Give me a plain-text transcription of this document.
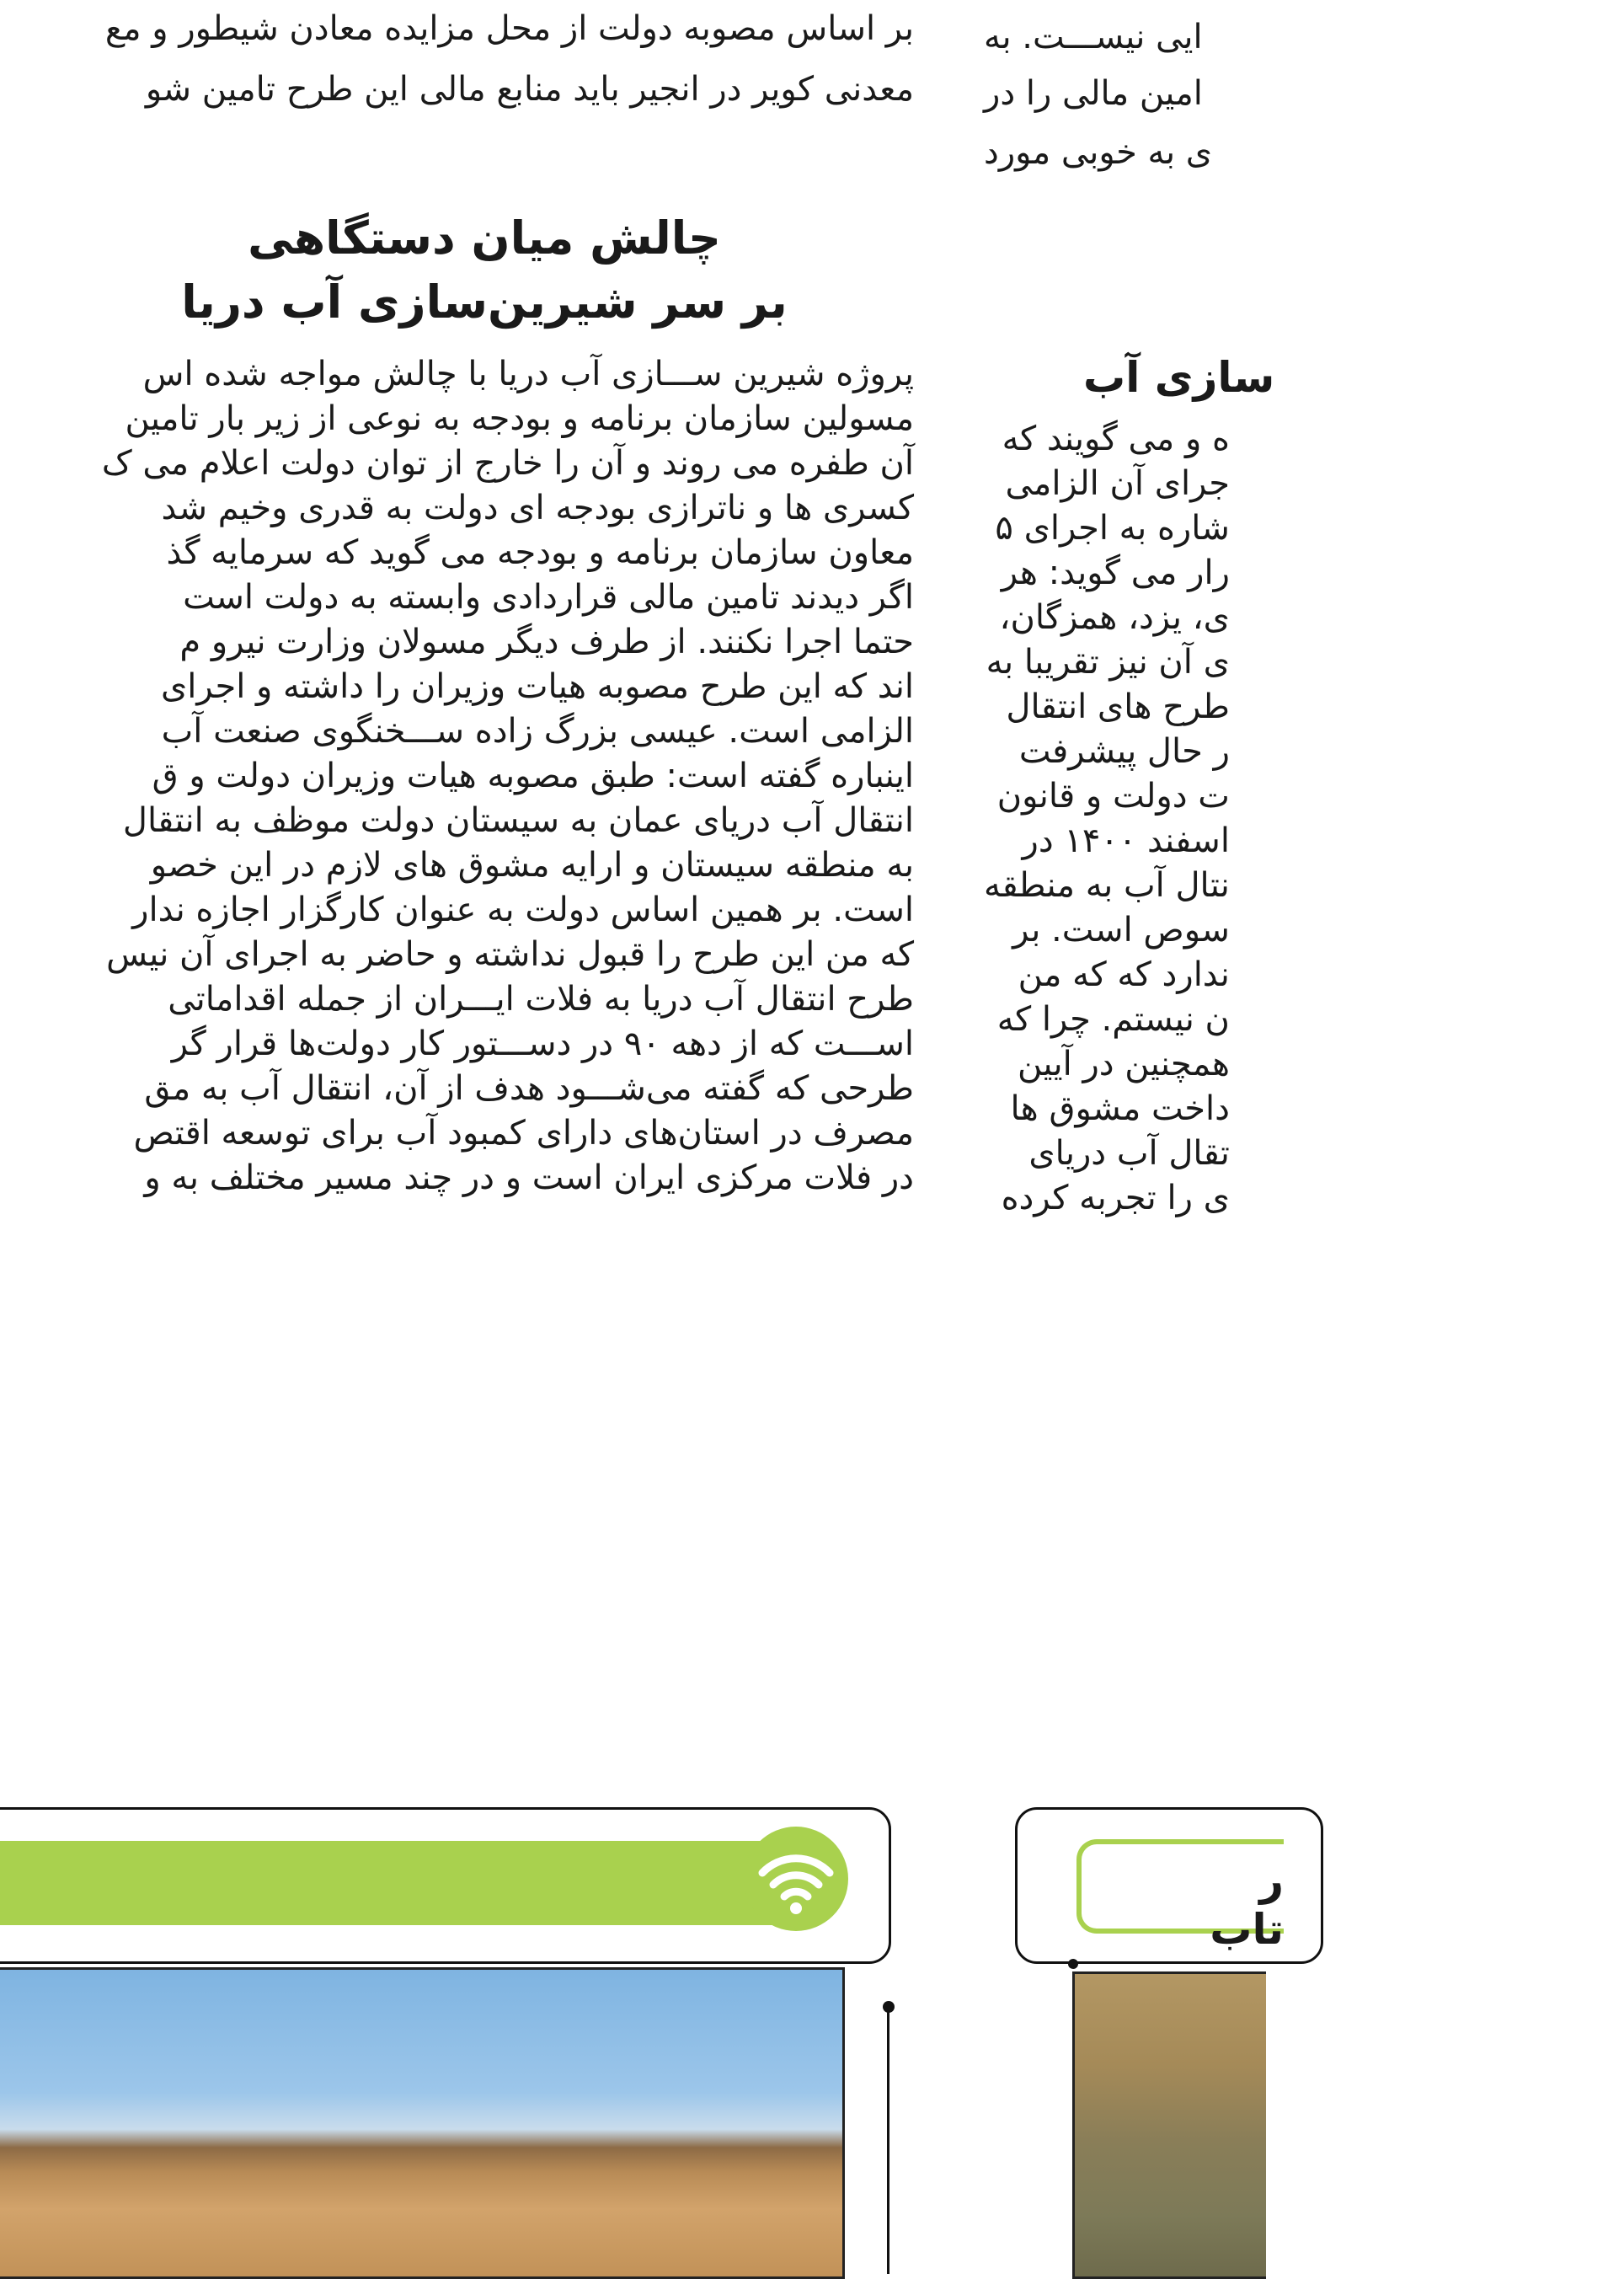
بر اساس مصوبه دولت از محل مزایده معادن شیطور و مع

معدنی کویر در انجیر باید منابع مالی این طرح تامین شو

چالش میان دستگاهی

بر سر شیرین‌سازی آب دریا

پروژه شیرین ســـازی آب دریا با چالش مواجه شده اس

مسولین سازمان برنامه و بودجه به نوعی از زیر بار تامین

آن طفره می روند و آن را خارج از توان دولت اعلام می ک

کسری ها و ناترازی بودجه ای دولت به قدری وخیم شد

معاون سازمان برنامه و بودجه می گوید که سرمایه گذ

اگر دیدند تامین مالی قراردادی وابسته به دولت است

حتما اجرا نکنند. از طرف دیگر مسولان وزارت نیرو م

اند که این طرح مصوبه هیات وزیران را داشته و اجرای

الزامی است. عیسی بزرگ زاده ســـخنگوی صنعت آب

اینباره گفته است: طبق مصوبه هیات وزیران دولت و ق

انتقال آب دریای عمان به سیستان دولت موظف به انتقال

به منطقه سیستان و ارایه مشوق های لازم در این خصو

است. بر همین اساس دولت به عنوان کارگزار اجازه ندار

که من این طرح را قبول نداشته و حاضر به اجرای آن نیس

طرح انتقال آب دریا به فلات ایـــران از جمله اقداماتی

اســـت که از دهه ۹۰ در دســـتور کار دولت‌ها قرار گر

طرحی که گفته می‌شـــود هدف از آن، انتقال آب به مق

مصرف در استان‌های دارای کمبود آب برای توسعه اقتص

در فلات مرکزی ایران است و در چند مسیر مختلف به و

ایی نیســـت. به

امین مالی را در

ی به خوبی مورد

سازی آب

ه و می گویند که

جرای آن الزامی

شاره به اجرای ۵

رار می گوید: هر

ی، یزد، همزگان،

ی آن نیز تقریبا به

طرح های انتقال

ر حال پیشرفت

ت دولت و قانون

اسفند ۱۴۰۰ در

نتال آب به منطقه

سوص است. بر

ندارد که که من

ن نیستم. چرا که

همچنین در آیین

داخت مشوق ها

تقال آب دریای

ی را تجربه کرده

ر تاب
